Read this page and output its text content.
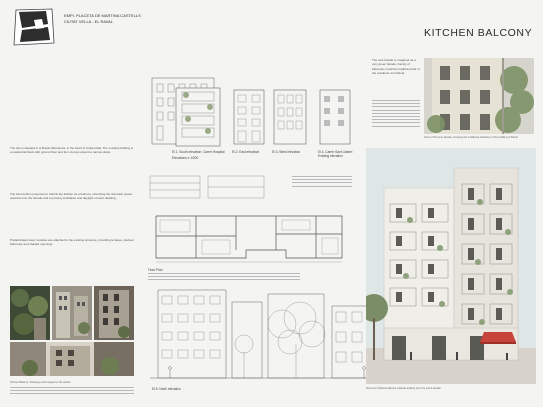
EMPI. PLACETA DE MARTINA CASTELLS
CIUTAT VELLA - EL RAVAL
KITCHEN BALCONY
The site is situated in el Raval, Barcelona, in the heart of Ciutat Vella. The existing building is a residential block with ground floor and four storeys around a narrow plaza.
The intervention proposes to rethink the kitchen as a balcony, extending the domestic space outward onto the facade and improving ventilation and daylight of each dwelling.
Prefabricated steel modules are attached to the existing structure, providing terraces, planted balconies and shaded openings.
Kitchen Balcony. Drawings and images by the author.
El.1. South elevation: Carrer Hospital
Elevations e 1/200
El.2. East elevation	El.3. West elevation	El.4. Carrer Sant Llatzer: Existing elevation
Floor Plan
El.5. North elevation
The new facade is imagined as a very green facade. Family of balconies recall the traditional life of the residents of el Raval.
View of the inner facade, showing the traditional character of the building of Raval
View from Placeta Martina Castells looking over the south facade
